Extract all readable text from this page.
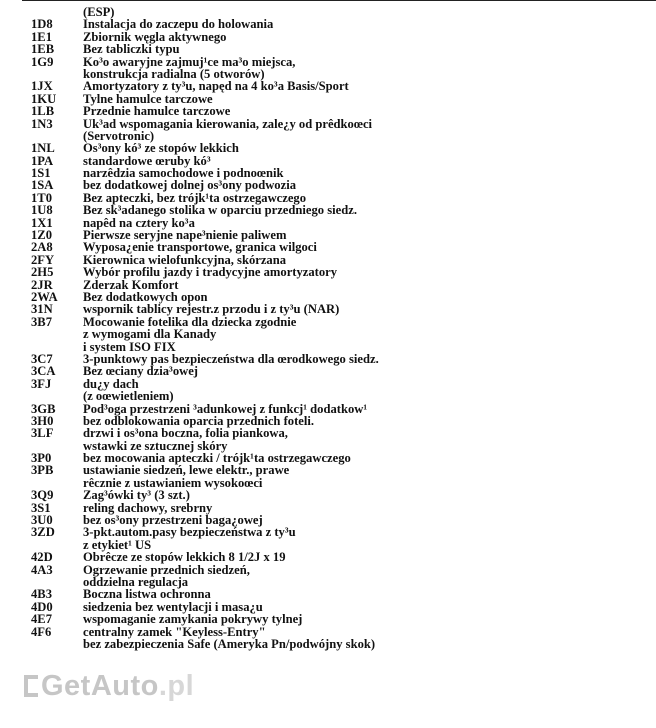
(ESP)
1D8	Instalacja do zaczepu do holowania
1E1	Zbiornik węgla aktywnego
1EB	Bez tabliczki typu
1G9	Ko³o awaryjne zajmuj¹ce ma³o miejsca,
konstrukcja radialna (5 otworów)
1JX	Amortyzatory z ty³u, napęd na 4 ko³a Basis/Sport
1KU	Tylne hamulce tarczowe
1LB	Przednie hamulce tarczowe
1N3	Uk³ad wspomagania kierowania, zale¿y od prêdkoœci
(Servotronic)
1NL	Os³ony kó³ ze stopów lekkich
1PA	standardowe œruby kó³
1S1	narzêdzia samochodowe i podnoœnik
1SA	bez dodatkowej dolnej os³ony podwozia
1T0	Bez apteczki, bez trójk¹ta ostrzegawczego
1U8	Bez sk³adanego stolika w oparciu przedniego siedz.
1X1	napêd na cztery ko³a
1Z0	Pierwsze seryjne nape³nienie paliwem
2A8	Wyposa¿enie transportowe, granica wilgoci
2FY	Kierownica wielofunkcyjna, skórzana
2H5	Wybór profilu jazdy i tradycyjne amortyzatory
2JR	Zderzak Komfort
2WA	Bez dodatkowych opon
31N	wspornik tablicy rejestr.z przodu i z ty³u (NAR)
3B7	Mocowanie fotelika dla dziecka zgodnie
z wymogami dla Kanady
i system ISO FIX
3C7	3-punktowy pas bezpieczeństwa dla œrodkowego siedz.
3CA	Bez œciany dzia³owej
3FJ	du¿y dach
(z oœwietleniem)
3GB	Pod³oga przestrzeni ³adunkowej z funkcj¹ dodatkow¹
3H0	bez odblokowania oparcia przednich foteli.
3LF	drzwi i os³ona boczna, folia piankowa,
wstawki ze sztucznej skóry
3P0	bez mocowania apteczki / trójk¹ta ostrzegawczego
3PB	ustawianie siedzeń, lewe elektr., prawe
rêcznie z ustawianiem wysokoœci
3Q9	Zag³ówki ty³ (3 szt.)
3S1	reling dachowy, srebrny
3U0	bez os³ony przestrzeni baga¿owej
3ZD	3-pkt.autom.pasy bezpieczeństwa z ty³u
z etykiet¹ US
42D	Obrêcze ze stopów lekkich 8 1/2J x 19
4A3	Ogrzewanie przednich siedzeń,
oddzielna regulacja
4B3	Boczna listwa ochronna
4D0	siedzenia bez wentylacji i masa¿u
4E7	wspomaganie zamykania pokrywy tylnej
4F6	centralny zamek "Keyless-Entry"
bez zabezpieczenia Safe (Ameryka Pn/podwójny skok)
GetAuto.pl
